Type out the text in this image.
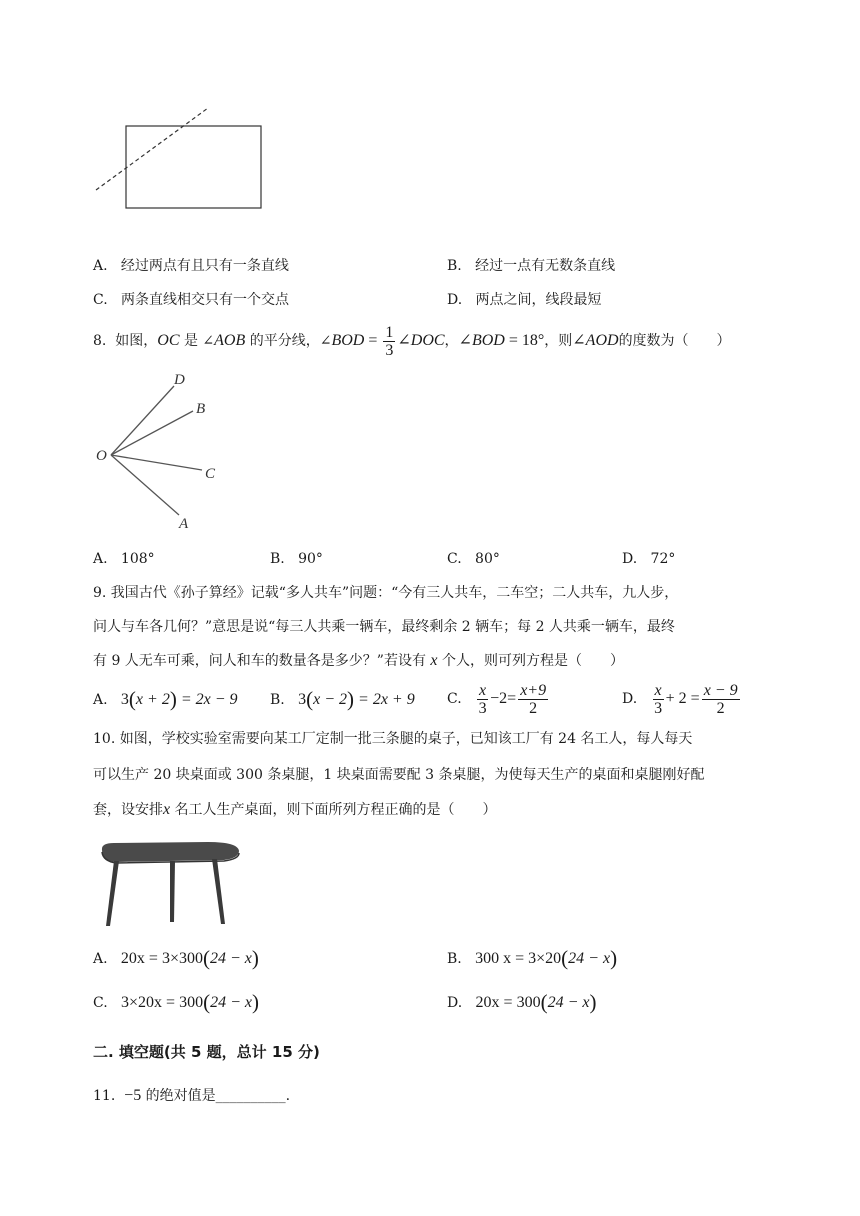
A. 经过两点有且只有一条直线	B. 经过一点有无数条直线
C. 两条直线相交只有一个交点	D. 两点之间，线段最短
8. 如图，OC 是 ∠AOB 的平分线，∠BOD = $\frac{1}{3}$ ∠DOC，∠BOD = 18°，则∠AOD的度数为（　　）
D
B
O
C
A
A. 108°	B. 90°	C. 80°	D. 72°
9. 我国古代《孙子算经》记载“多人共车”问题：“今有三人共车，二车空；二人共车，九人步，
问人与车各几何？”意思是说“每三人共乘一辆车，最终剩余 2 辆车；每 2 人共乘一辆车，最终
有 9 人无车可乘，问人和车的数量各是多少？”若设有 x 个人，则可列方程是（　　）
A. 3(x + 2) = 2x − 9 B. 3(x − 2) = 2x + 9 C. $\frac{x}{3} -2= \frac{x+9}{2}$	D. $\frac{x}{3} + 2 = \frac{x - 9}{2}$
10. 如图，学校实验室需要向某工厂定制一批三条腿的桌子，已知该工厂有 24 名工人，每人每天
可以生产 20 块桌面或 300 条桌腿，1 块桌面需要配 3 条桌腿，为使每天生产的桌面和桌腿刚好配
套，设安排x 名工人生产桌面，则下面所列方程正确的是（　　）
A. 20x = 3×300(24 − x)	B. 300 x = 3×20(24 − x)
C. 3×20x = 300(24 − x)	D. 20x = 300(24 − x)
二. 填空题(共 5 题，总计 15 分)
11. −5 的绝对值是__________.
